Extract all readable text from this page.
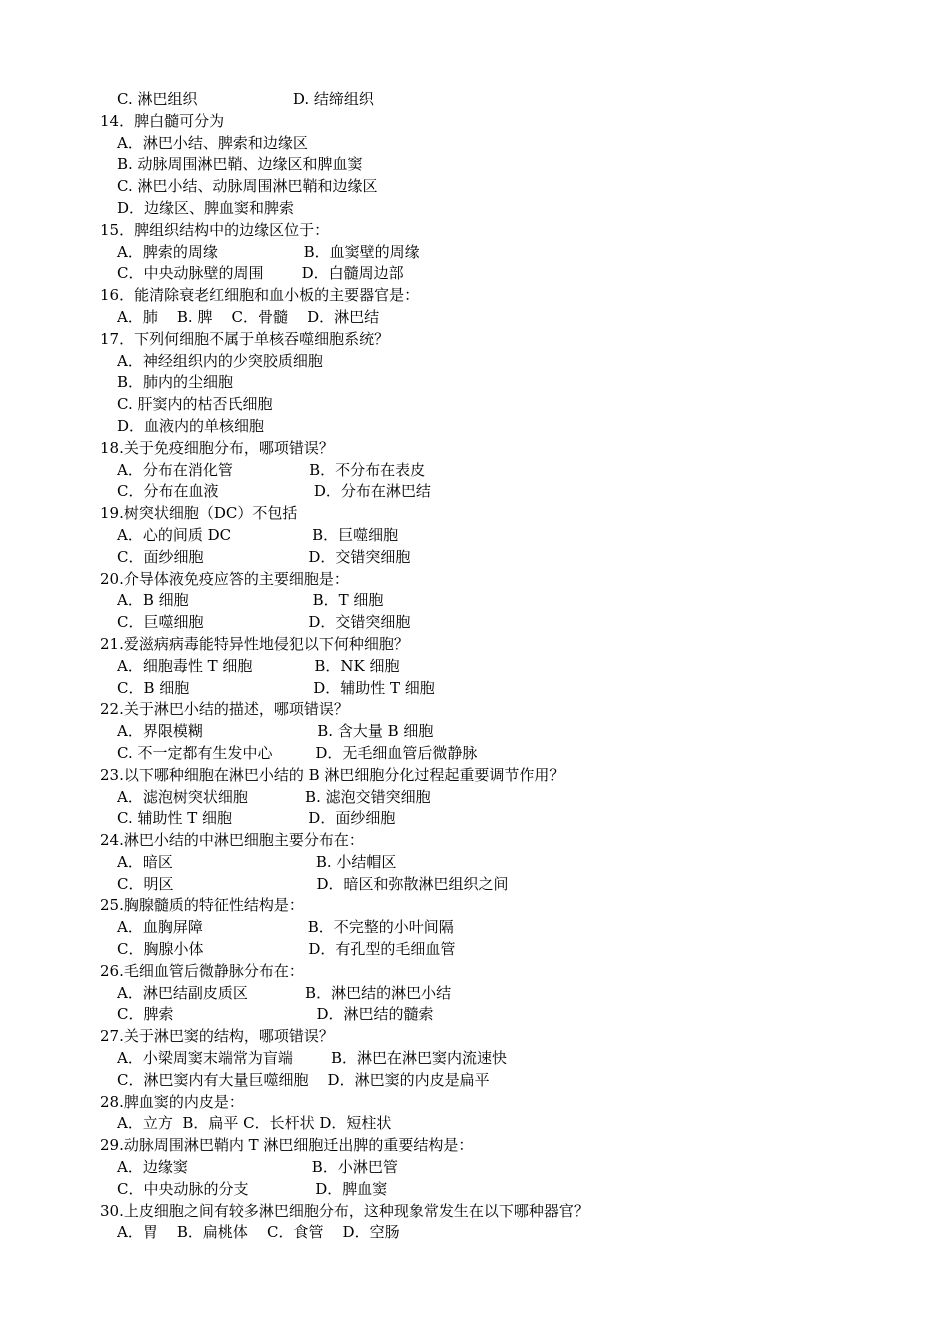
C. 淋巴组织                    D. 结缔组织
14．脾白髓可分为
A．淋巴小结、脾索和边缘区
B. 动脉周围淋巴鞘、边缘区和脾血窦
C. 淋巴小结、动脉周围淋巴鞘和边缘区
D．边缘区、脾血窦和脾索
15．脾组织结构中的边缘区位于：
A．脾索的周缘                  B．血窦壁的周缘
C．中央动脉壁的周围        D．白髓周边部
16．能清除衰老红细胞和血小板的主要器官是：
A．肺    B. 脾    C．骨髓    D．淋巴结
17．下列何细胞不属于单核吞噬细胞系统？
A．神经组织内的少突胶质细胞
B．肺内的尘细胞
C. 肝窦内的枯否氏细胞
D．血液内的单核细胞
18.关于免疫细胞分布，哪项错误？
A．分布在消化管                B．不分布在表皮
C．分布在血液                    D．分布在淋巴结
19.树突状细胞（DC）不包括
A．心的间质 DC                 B．巨噬细胞
C．面纱细胞                      D．交错突细胞
20.介导体液免疫应答的主要细胞是：
A．B 细胞                          B．T 细胞
C．巨噬细胞                      D．交错突细胞
21.爱滋病病毒能特异性地侵犯以下何种细胞？
A．细胞毒性 T 细胞             B．NK 细胞
C．B 细胞                          D．辅助性 T 细胞
22.关于淋巴小结的描述，哪项错误？
A．界限模糊                        B. 含大量 B 细胞
C. 不一定都有生发中心         D．无毛细血管后微静脉
23.以下哪种细胞在淋巴小结的 B 淋巴细胞分化过程起重要调节作用？
A．滤泡树突状细胞            B. 滤泡交错突细胞
C. 辅助性 T 细胞                D．面纱细胞
24.淋巴小结的中淋巴细胞主要分布在：
A．暗区                              B. 小结帽区
C．明区                              D．暗区和弥散淋巴组织之间
25.胸腺髓质的特征性结构是：
A．血胸屏障                      B．不完整的小叶间隔
C．胸腺小体                      D．有孔型的毛细血管
26.毛细血管后微静脉分布在：
A．淋巴结副皮质区            B．淋巴结的淋巴小结
C．脾索                              D．淋巴结的髓索
27.关于淋巴窦的结构，哪项错误？
A．小梁周窦末端常为盲端        B．淋巴在淋巴窦内流速快
C．淋巴窦内有大量巨噬细胞    D．淋巴窦的内皮是扁平
28.脾血窦的内皮是：
A．立方  B．扁平 C．长杆状 D．短柱状
29.动脉周围淋巴鞘内 T 淋巴细胞迁出脾的重要结构是：
A．边缘窦                          B．小淋巴管
C．中央动脉的分支              D．脾血窦
30.上皮细胞之间有较多淋巴细胞分布，这种现象常发生在以下哪种器官？
A．胃    B．扁桃体    C．食管    D．空肠
